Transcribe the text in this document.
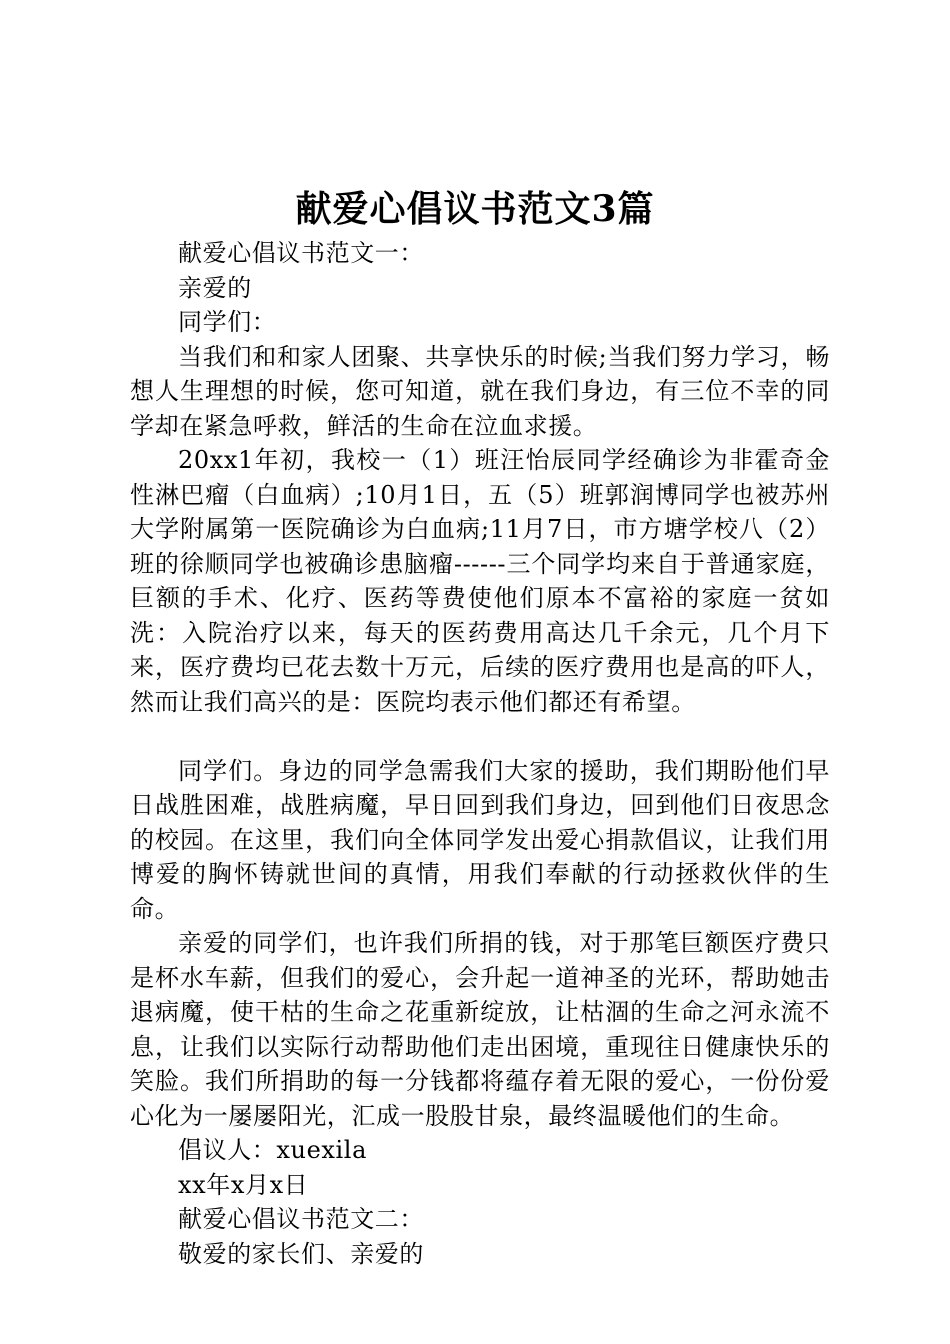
献爱心倡议书范文3篇

献爱心倡议书范文一：

亲爱的

同学们：

当我们和和家人团聚、共享快乐的时候;当我们努力学习，畅想人生理想的时候，您可知道，就在我们身边，有三位不幸的同学却在紧急呼救，鲜活的生命在泣血求援。

20xx1年初，我校一（1）班汪怡辰同学经确诊为非霍奇金性淋巴瘤（白血病）;10月1日，五（5）班郭润博同学也被苏州大学附属第一医院确诊为白血病;11月7日，市方塘学校八（2）班的徐顺同学也被确诊患脑瘤------三个同学均来自于普通家庭，巨额的手术、化疗、医药等费使他们原本不富裕的家庭一贫如洗：入院治疗以来，每天的医药费用高达几千余元，几个月下来，医疗费均已花去数十万元，后续的医疗费用也是高的吓人，然而让我们高兴的是：医院均表示他们都还有希望。

同学们。身边的同学急需我们大家的援助，我们期盼他们早日战胜困难，战胜病魔，早日回到我们身边，回到他们日夜思念的校园。在这里，我们向全体同学发出爱心捐款倡议，让我们用博爱的胸怀铸就世间的真情，用我们奉献的行动拯救伙伴的生命。

亲爱的同学们，也许我们所捐的钱，对于那笔巨额医疗费只是杯水车薪，但我们的爱心，会升起一道神圣的光环，帮助她击退病魔，使干枯的生命之花重新绽放，让枯涸的生命之河永流不息，让我们以实际行动帮助他们走出困境，重现往日健康快乐的笑脸。我们所捐助的每一分钱都将蕴存着无限的爱心，一份份爱心化为一屡屡阳光，汇成一股股甘泉，最终温暖他们的生命。

倡议人：xuexila

xx年x月x日

献爱心倡议书范文二：

敬爱的家长们、亲爱的
